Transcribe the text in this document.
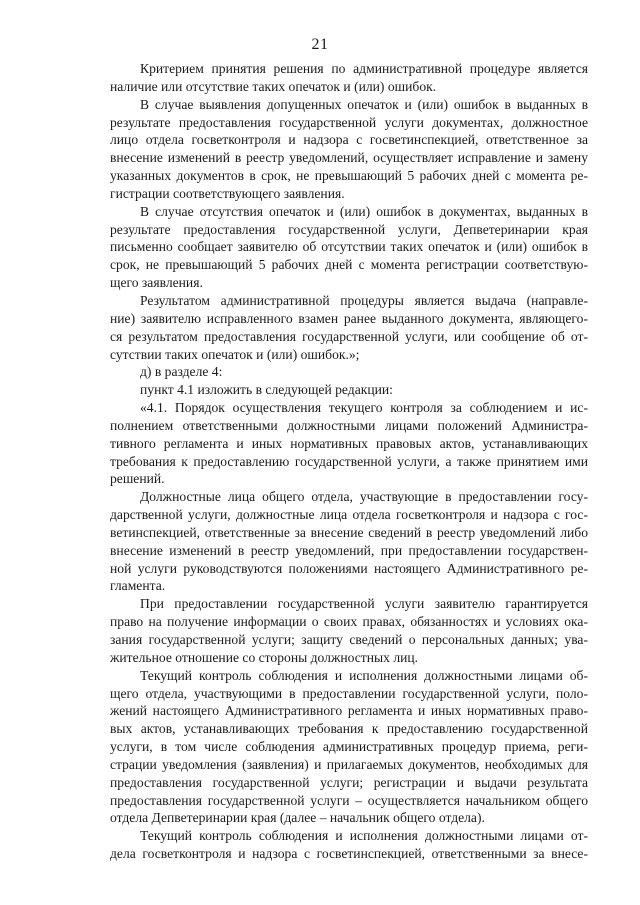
21
Критерием принятия решения по административной процедуре является
наличие или отсутствие таких опечаток и (или) ошибок.
В случае выявления допущенных опечаток и (или) ошибок в выданных в
результате предоставления государственной услуги документах, должностное
лицо отдела госветконтроля и надзора с госветинспекцией, ответственное за
внесение изменений в реестр уведомлений, осуществляет исправление и замену
указанных документов в срок, не превышающий 5 рабочих дней с момента ре-
гистрации соответствующего заявления.
В случае отсутствия опечаток и (или) ошибок в документах, выданных в
результате предоставления государственной услуги, Депветеринарии края
письменно сообщает заявителю об отсутствии таких опечаток и (или) ошибок в
срок, не превышающий 5 рабочих дней с момента регистрации соответствую-
щего заявления.
Результатом административной процедуры является выдача (направле-
ние) заявителю исправленного взамен ранее выданного документа, являющего-
ся результатом предоставления государственной услуги, или сообщение об от-
сутствии таких опечаток и (или) ошибок.»;
д) в разделе 4:
пункт 4.1 изложить в следующей редакции:
«4.1. Порядок осуществления текущего контроля за соблюдением и ис-
полнением ответственными должностными лицами положений Администра-
тивного регламента и иных нормативных правовых актов, устанавливающих
требования к предоставлению государственной услуги, а также принятием ими
решений.
Должностные лица общего отдела, участвующие в предоставлении госу-
дарственной услуги, должностные лица отдела госветконтроля и надзора с гос-
ветинспекцией, ответственные за внесение сведений в реестр уведомлений либо
внесение изменений в реестр уведомлений, при предоставлении государствен-
ной услуги руководствуются положениями настоящего Административного ре-
гламента.
При предоставлении государственной услуги заявителю гарантируется
право на получение информации о своих правах, обязанностях и условиях ока-
зания государственной услуги; защиту сведений о персональных данных; ува-
жительное отношение со стороны должностных лиц.
Текущий контроль соблюдения и исполнения должностными лицами об-
щего отдела, участвующими в предоставлении государственной услуги, поло-
жений настоящего Административного регламента и иных нормативных право-
вых актов, устанавливающих требования к предоставлению государственной
услуги, в том числе соблюдения административных процедур приема, реги-
страции уведомления (заявления) и прилагаемых документов, необходимых для
предоставления государственной услуги; регистрации и выдачи результата
предоставления государственной услуги – осуществляется начальником общего
отдела Депветеринарии края (далее – начальник общего отдела).
Текущий контроль соблюдения и исполнения должностными лицами от-
дела госветконтроля и надзора с госветинспекцией, ответственными за внесе-
